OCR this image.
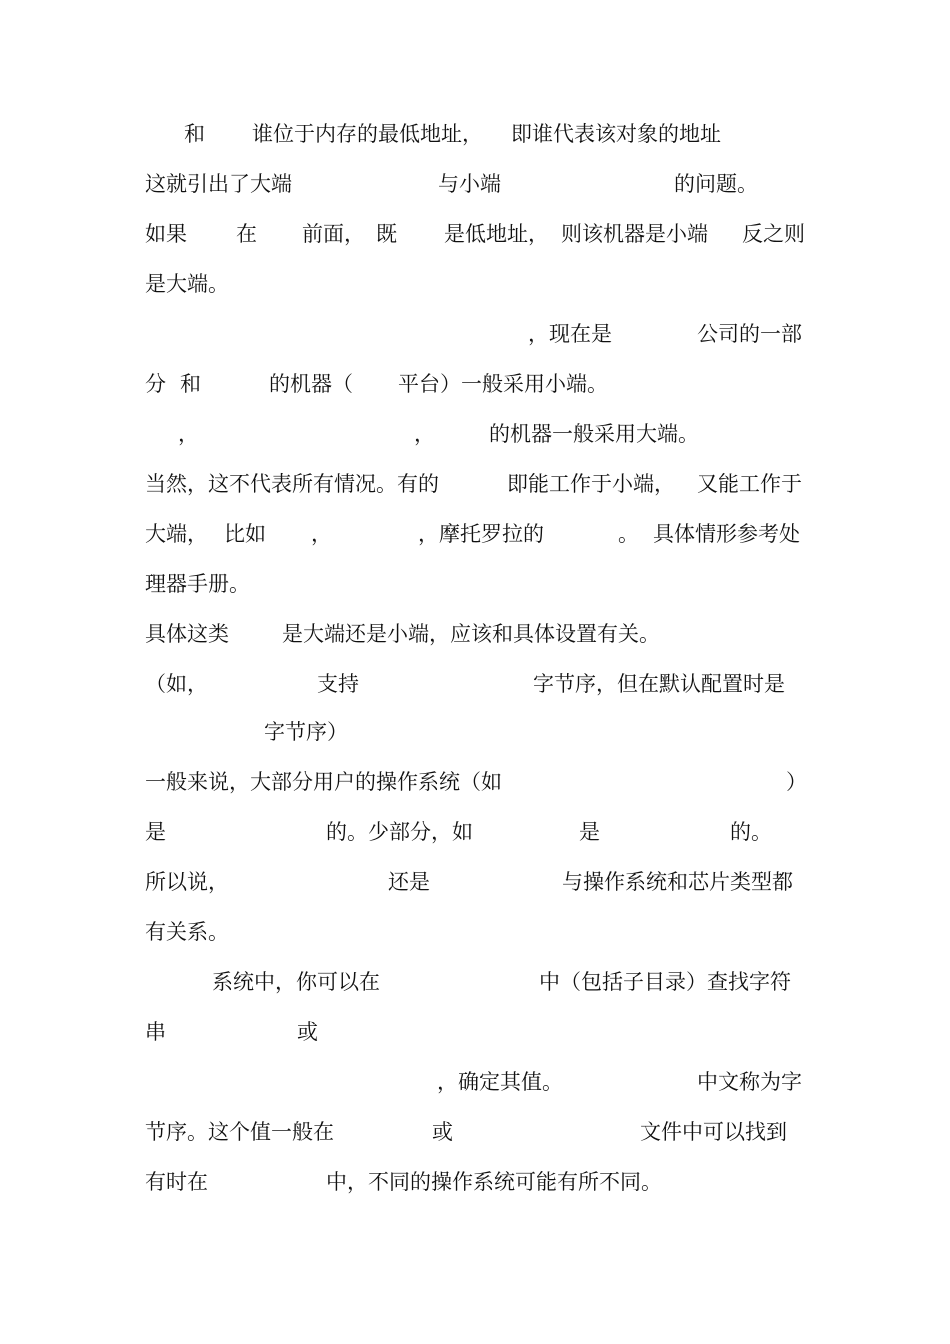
和 谁位于内存的最低地址， 即谁代表该对象的地址
这就引出了大端	与小端	的问题。
如果 在 前面， 既 是低地址， 则该机器是小端 反之则
是大端。
，现在是	公司的一部
分 和	的机器（ 平台）一般采用小端。
，	，	的机器一般采用大端。
当然，这不代表所有情况。有的	即能工作于小端， 又能工作于
大端， 比如 ，	，摩托罗拉的	。 具体情形参考处
理器手册。
具体这类	是大端还是小端，应该和具体设置有关。
（如，	支持	字节序，但在默认配置时是
字节序）
一般来说，大部分用户的操作系统（如	）
是	的。少部分，如	是	的。
所以说，	还是	与操作系统和芯片类型都
有关系。
系统中，你可以在	中（包括子目录）查找字符
串	或
，确定其值。	中文称为字
节序。这个值一般在	或	文件中可以找到
有时在	中，不同的操作系统可能有所不同。
